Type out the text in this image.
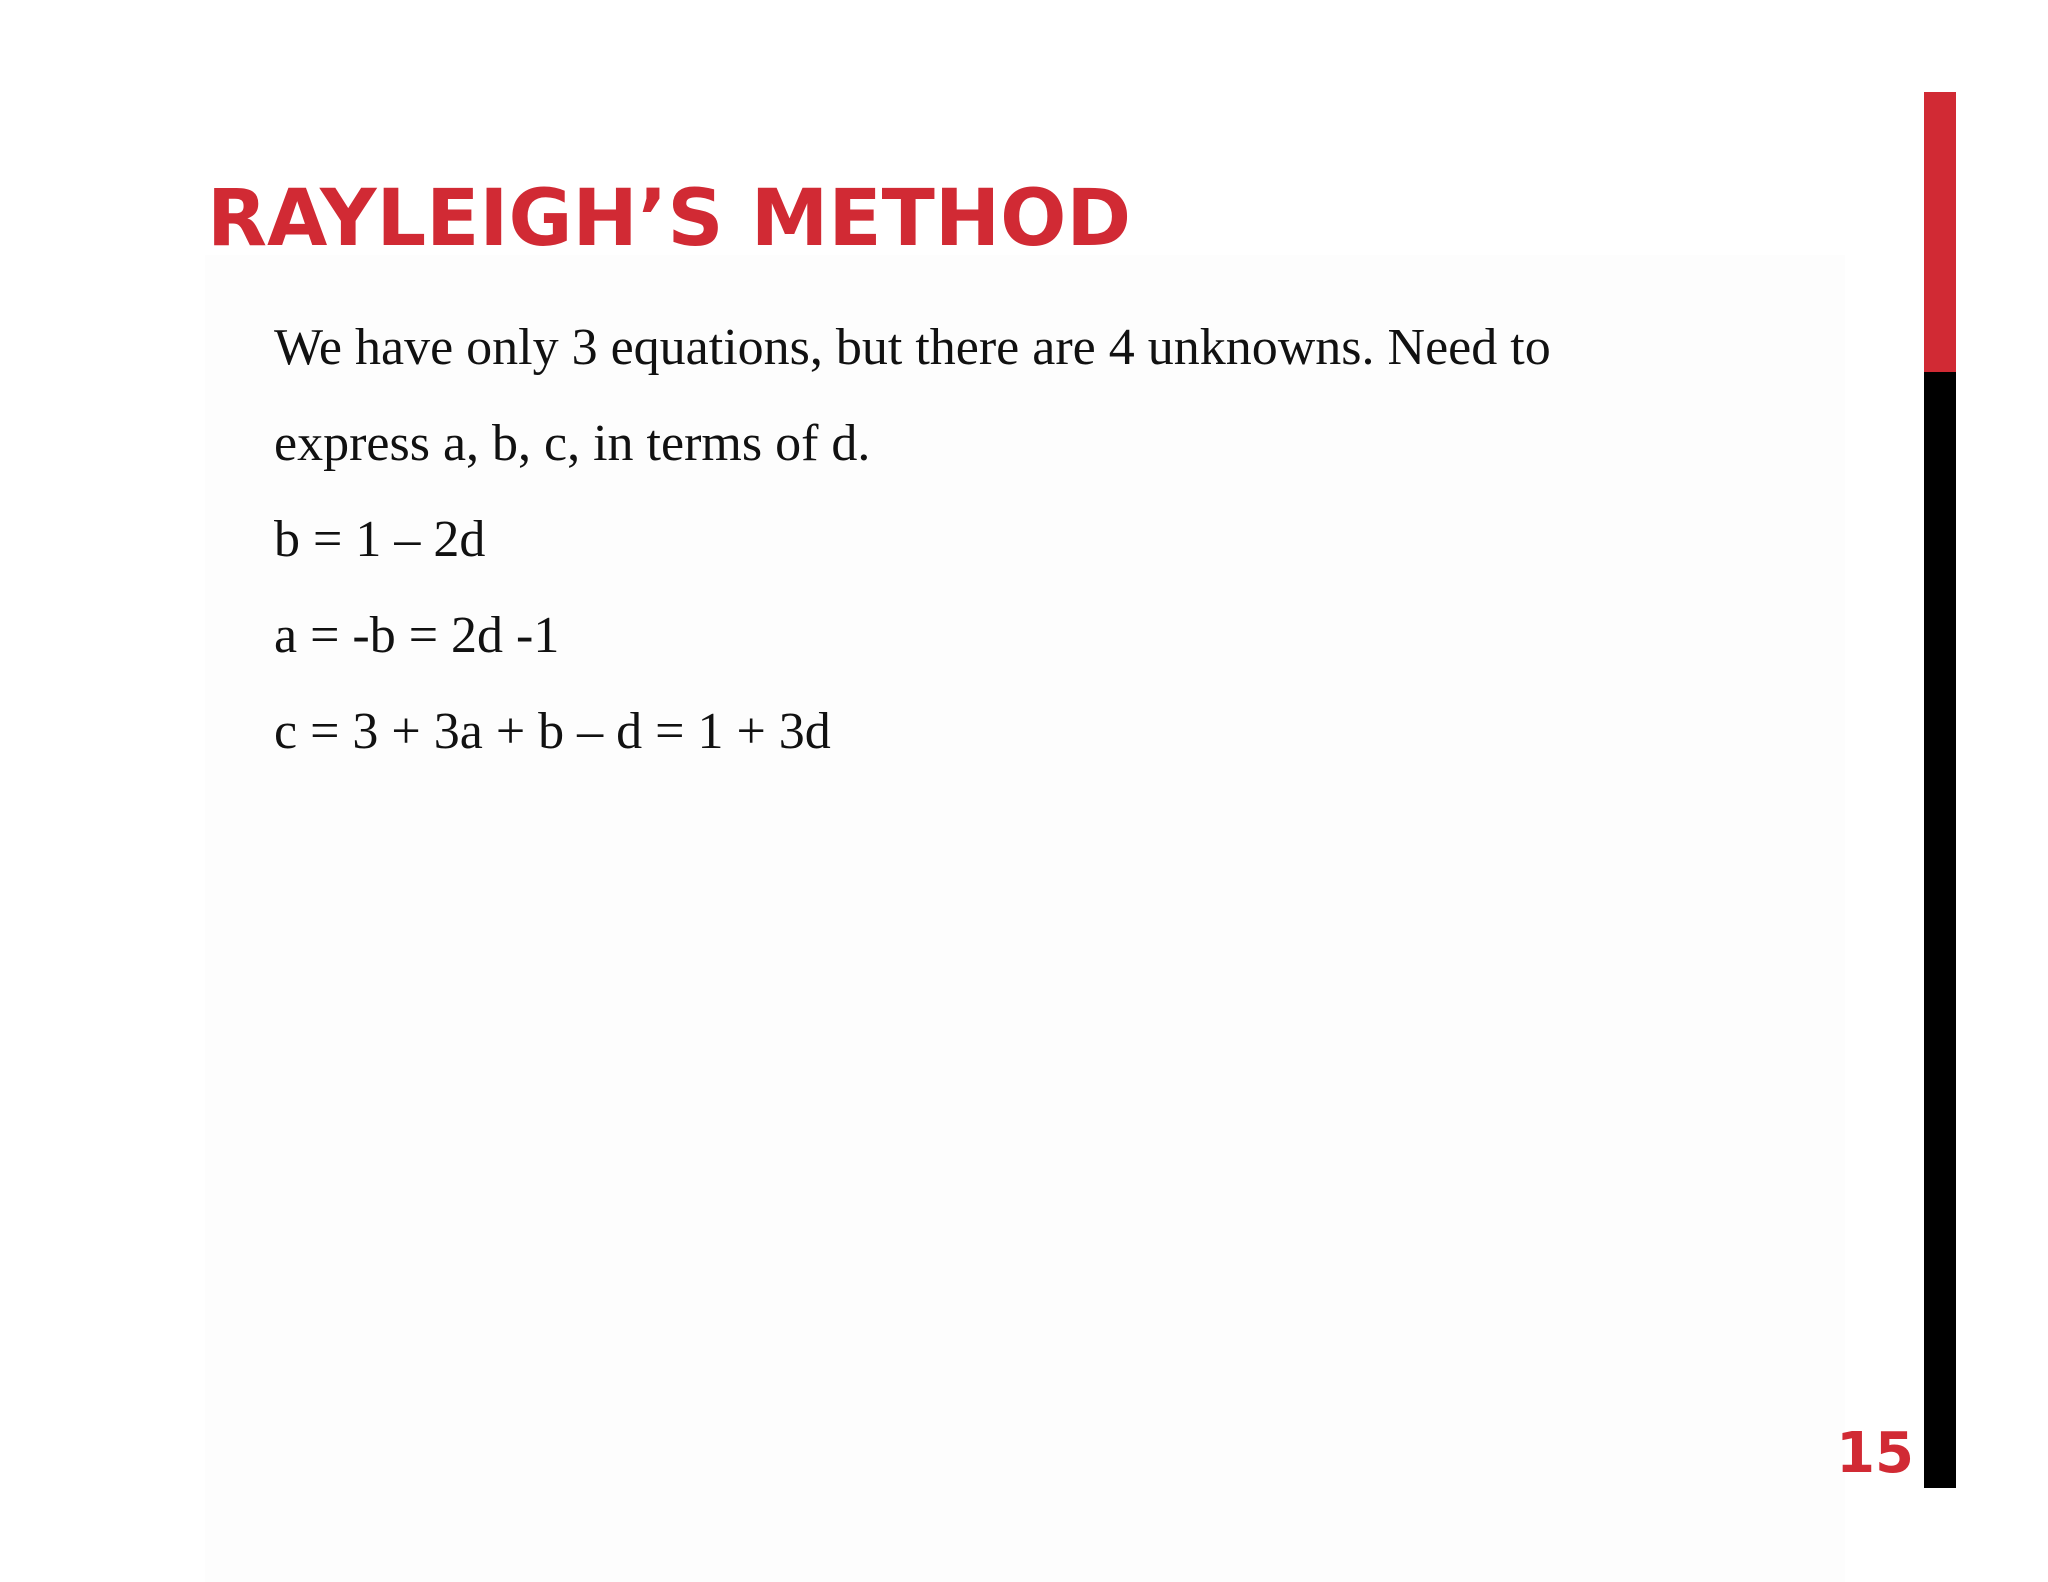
RAYLEIGH’S METHOD
We have only 3 equations, but there are 4 unknowns. Need to
express a, b, c, in terms of d.
b = 1 – 2d
a = -b = 2d -1
c = 3 + 3a + b – d = 1 + 3d
15
